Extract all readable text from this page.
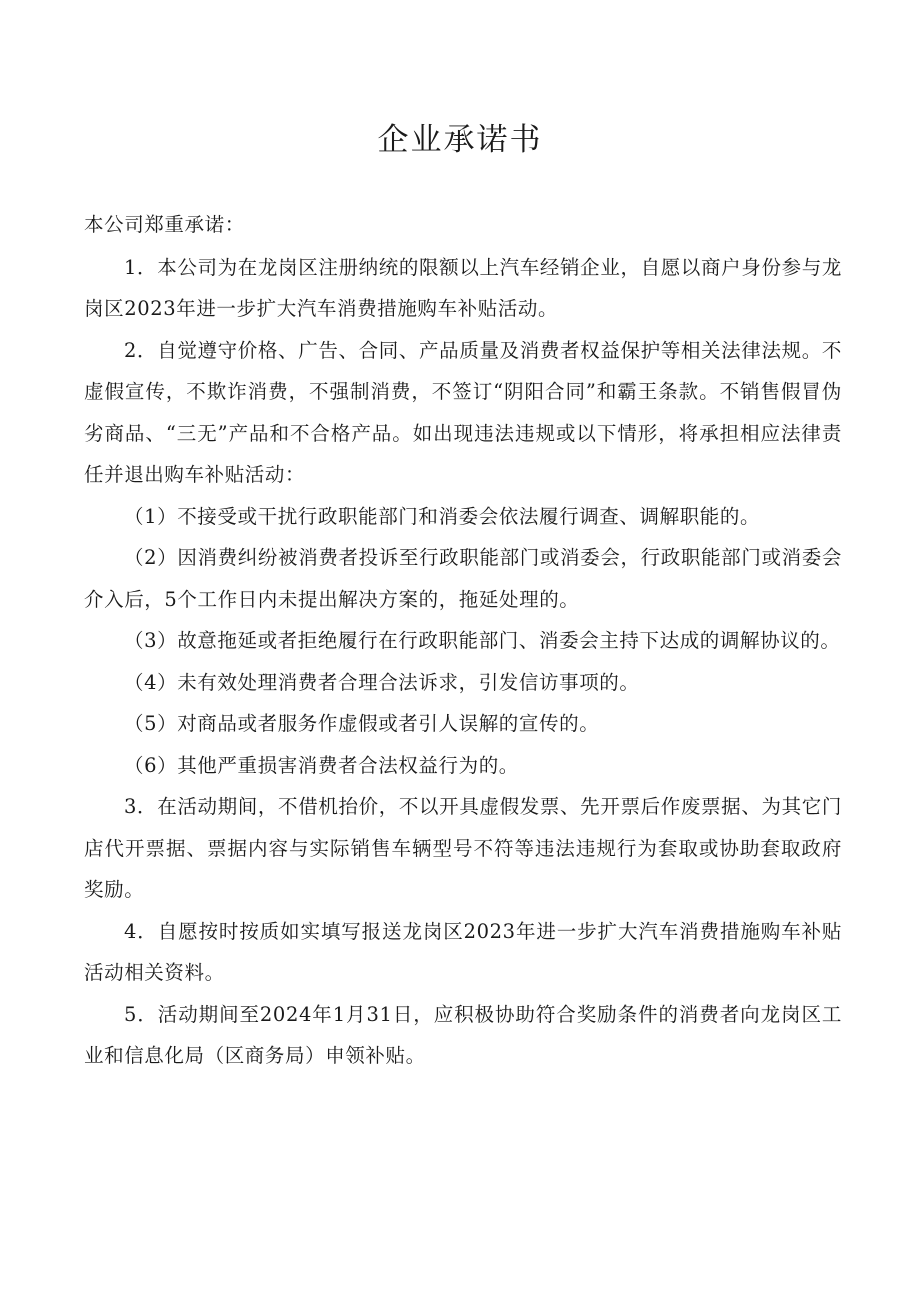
企业承诺书

本公司郑重承诺：

1．本公司为在龙岗区注册纳统的限额以上汽车经销企业，自愿以商户身份参与龙岗区2023年进一步扩大汽车消费措施购车补贴活动。

2．自觉遵守价格、广告、合同、产品质量及消费者权益保护等相关法律法规。不虚假宣传，不欺诈消费，不强制消费，不签订“阴阳合同”和霸王条款。不销售假冒伪劣商品、“三无”产品和不合格产品。如出现违法违规或以下情形，将承担相应法律责任并退出购车补贴活动：

（1）不接受或干扰行政职能部门和消委会依法履行调查、调解职能的。

（2）因消费纠纷被消费者投诉至行政职能部门或消委会，行政职能部门或消委会介入后，5个工作日内未提出解决方案的，拖延处理的。

（3）故意拖延或者拒绝履行在行政职能部门、消委会主持下达成的调解协议的。

（4）未有效处理消费者合理合法诉求，引发信访事项的。

（5）对商品或者服务作虚假或者引人误解的宣传的。

（6）其他严重损害消费者合法权益行为的。

3．在活动期间，不借机抬价，不以开具虚假发票、先开票后作废票据、为其它门店代开票据、票据内容与实际销售车辆型号不符等违法违规行为套取或协助套取政府奖励。

4．自愿按时按质如实填写报送龙岗区2023年进一步扩大汽车消费措施购车补贴活动相关资料。

5．活动期间至2024年1月31日，应积极协助符合奖励条件的消费者向龙岗区工业和信息化局（区商务局）申领补贴。
